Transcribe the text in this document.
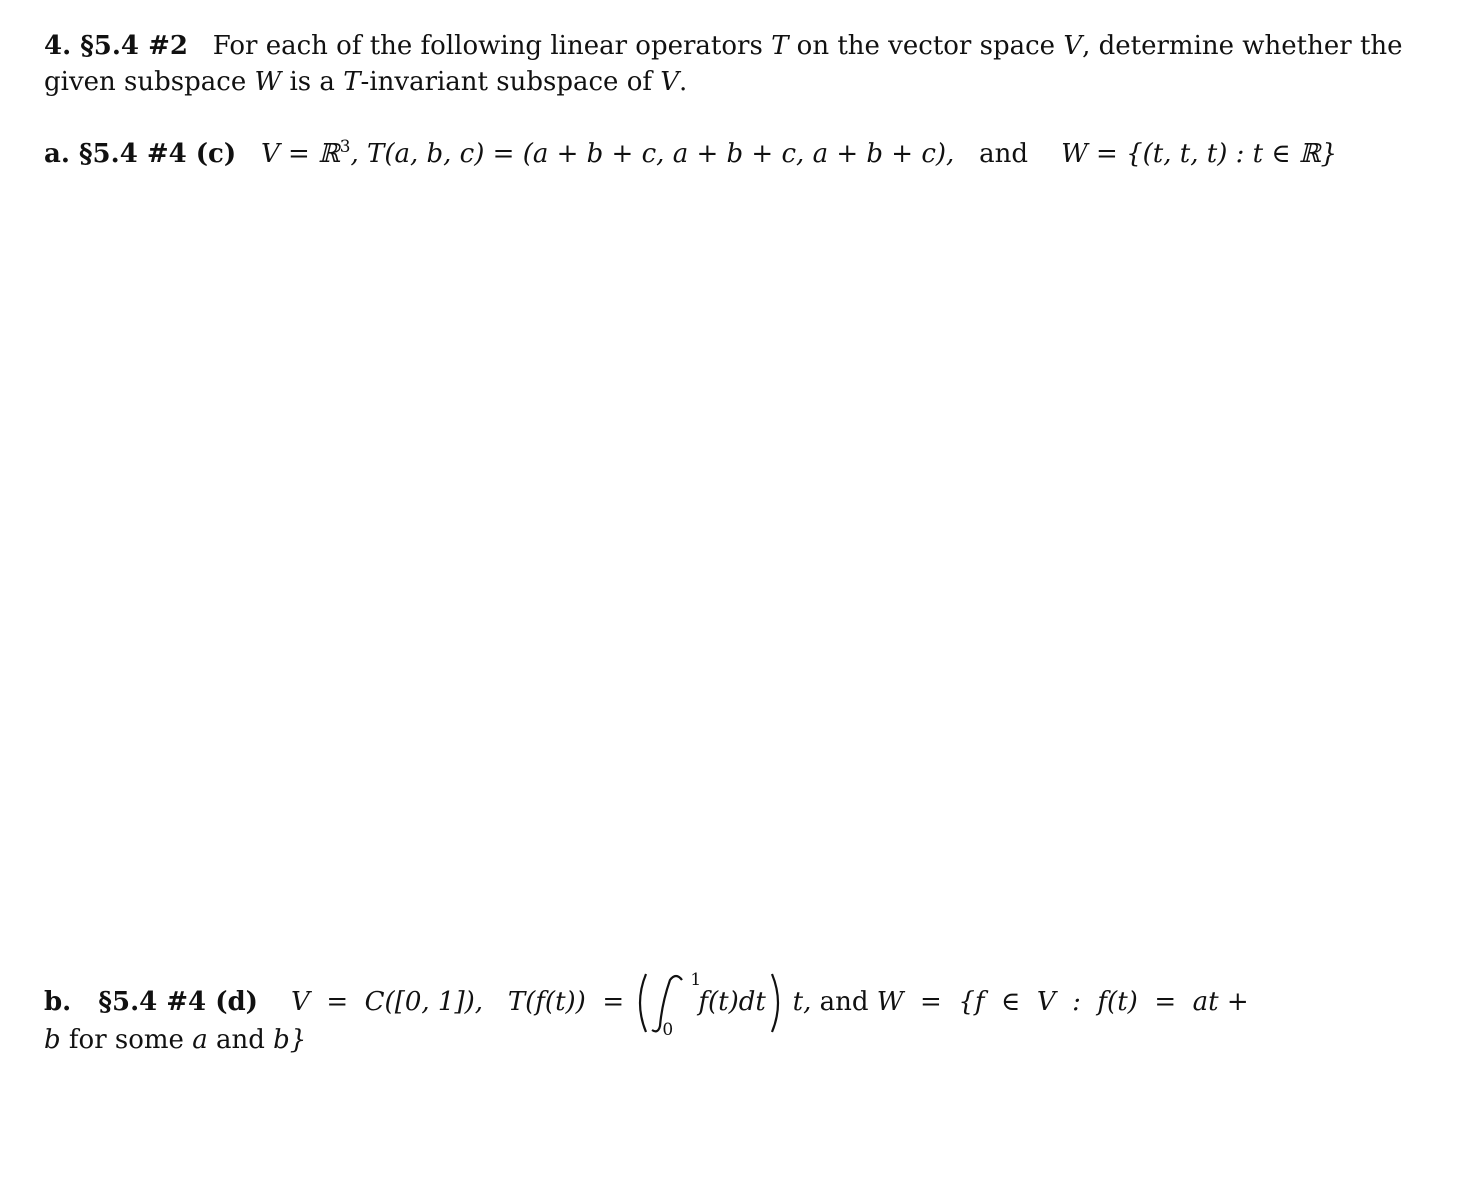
4. §5.4 #2 For each of the following linear operators T on the vector space V, determine whether the
given subspace W is a T-invariant subspace of V.
a. §5.4 #4 (c) V = ℝ$^3$, T(a, b, c) = (a + b + c, a + b + c, a + b + c), and W = {(t, t, t) : t ∈ ℝ}
b.   §5.4 #4 (d) V  =  C([0, 1]), T(f(t))  =
1
0
f(t)dt t, and W  =  {f  ∈  V  :  f(t)  =  at +
b for some a and b}
